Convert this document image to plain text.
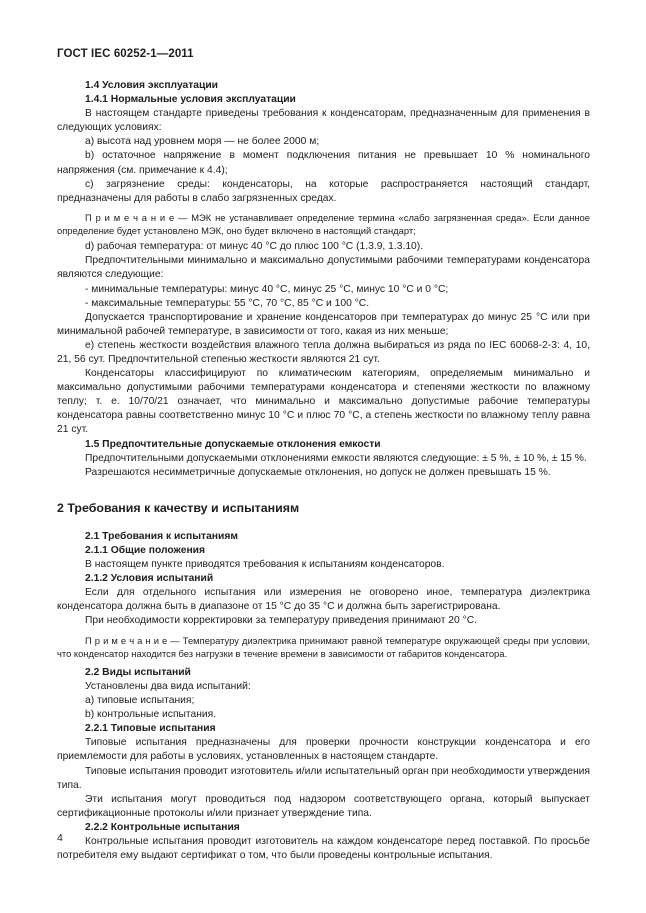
ГОСТ IEC 60252-1—2011

1.4 Условия эксплуатации

1.4.1 Нормальные условия эксплуатации

В настоящем стандарте приведены требования к конденсаторам, предназначенным для применения в следующих условиях:

a) высота над уровнем моря — не более 2000 м;

b) остаточное напряжение в момент подключения питания не превышает 10 % номинального напряжения (см. примечание к 4.4);

c) загрязнение среды: конденсаторы, на которые распространяется настоящий стандарт, предназначены для работы в слабо загрязненных средах.

П р и м е ч а н и е — МЭК не устанавливает определение термина «слабо загрязненная среда». Если данное определение будет установлено МЭК, оно будет включено в настоящий стандарт;

d) рабочая температура: от минус 40 °С до плюс 100 °С (1.3.9, 1.3.10).

Предпочтительными минимально и максимально допустимыми рабочими температурами конденсатора являются следующие:

- минимальные температуры: минус 40 °С, минус 25 °С, минус 10 °С и 0 °С;

- максимальные температуры: 55 °С, 70 °С, 85 °С и 100 °С.

Допускается транспортирование и хранение конденсаторов при температурах до минус 25 °С или при минимальной рабочей температуре, в зависимости от того, какая из них меньше;

e) степень жесткости воздействия влажного тепла должна выбираться из ряда по IEC 60068-2-3: 4, 10, 21, 56 сут. Предпочтительной степенью жесткости являются 21 сут.

Конденсаторы классифицируют по климатическим категориям, определяемым минимально и максимально допустимыми рабочими температурами конденсатора и степенями жесткости по влажному теплу; т. е. 10/70/21 означает, что минимально и максимально допустимые рабочие температуры конденсатора равны соответственно минус 10 °С и плюс 70 °С, а степень жесткости по влажному теплу равна 21 сут.

1.5 Предпочтительные допускаемые отклонения емкости

Предпочтительными допускаемыми отклонениями емкости являются следующие: ± 5 %, ± 10 %, ± 15 %.

Разрешаются несимметричные допускаемые отклонения, но допуск не должен превышать 15 %.

2 Требования к качеству и испытаниям

2.1 Требования к испытаниям

2.1.1 Общие положения

В настоящем пункте приводятся требования к испытаниям конденсаторов.

2.1.2 Условия испытаний

Если для отдельного испытания или измерения не оговорено иное, температура диэлектрика конденсатора должна быть в диапазоне от 15 °С до 35 °С и должна быть зарегистрирована.

При необходимости корректировки за температуру приведения принимают 20 °С.

П р и м е ч а н и е — Температуру диэлектрика принимают равной температуре окружающей среды при условии, что конденсатор находится без нагрузки в течение времени в зависимости от габаритов конденсатора.

2.2 Виды испытаний

Установлены два вида испытаний:

a) типовые испытания;

b) контрольные испытания.

2.2.1 Типовые испытания

Типовые испытания предназначены для проверки прочности конструкции конденсатора и его приемлемости для работы в условиях, установленных в настоящем стандарте.

Типовые испытания проводит изготовитель и/или испытательный орган при необходимости утверждения типа.

Эти испытания могут проводиться под надзором соответствующего органа, который выпускает сертификационные протоколы и/или признает утверждение типа.

2.2.2 Контрольные испытания

Контрольные испытания проводит изготовитель на каждом конденсаторе перед поставкой. По просьбе потребителя ему выдают сертификат о том, что были проведены контрольные испытания.

4
